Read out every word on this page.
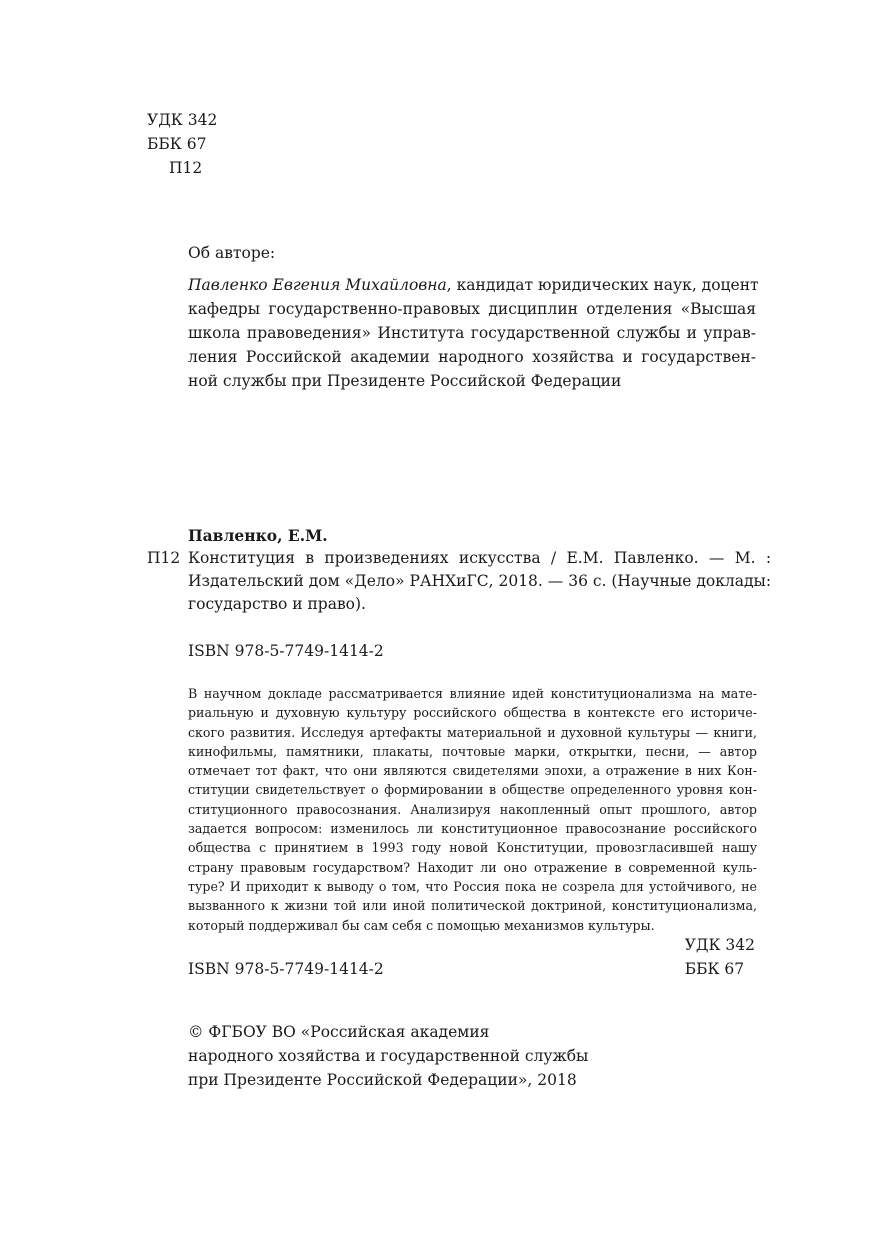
УДК 342
ББК 67
П12
Об авторе:
Павленко Евгения Михайловна, кандидат юридических наук, доцент
кафедры государственно-правовых дисциплин отделения «Высшая
школа правоведения» Института государственной службы и управ-
ления Российской академии народного хозяйства и государствен-
ной службы при Президенте Российской Федерации
Павленко, Е.М.
П12 Конституция в произведениях искусства / Е.М. Павленко. — М. :
Издательский дом «Дело» РАНХиГС, 2018. — 36 с. (Научные доклады:
государство и право).
ISBN 978-5-7749-1414-2
В научном докладе рассматривается влияние идей конституционализма на мате-
риальную и духовную культуру российского общества в контексте его историче-
ского развития. Исследуя артефакты материальной и духовной культуры — книги,
кинофильмы, памятники, плакаты, почтовые марки, открытки, песни, — автор
отмечает тот факт, что они являются свидетелями эпохи, а отражение в них Кон-
ституции свидетельствует о формировании в обществе определенного уровня кон-
ституционного правосознания. Анализируя накопленный опыт прошлого, автор
задается вопросом: изменилось ли конституционное правосознание российского
общества с принятием в 1993 году новой Конституции, провозгласившей нашу
страну правовым государством? Находит ли оно отражение в современной куль-
туре? И приходит к выводу о том, что Россия пока не созрела для устойчивого, не
вызванного к жизни той или иной политической доктриной, конституционализма,
который поддерживал бы сам себя с помощью механизмов культуры.
УДК 342
ББК 67
ISBN 978-5-7749-1414-2
© ФГБОУ ВО «Российская академия
народного хозяйства и государственной службы
при Президенте Российской Федерации», 2018
